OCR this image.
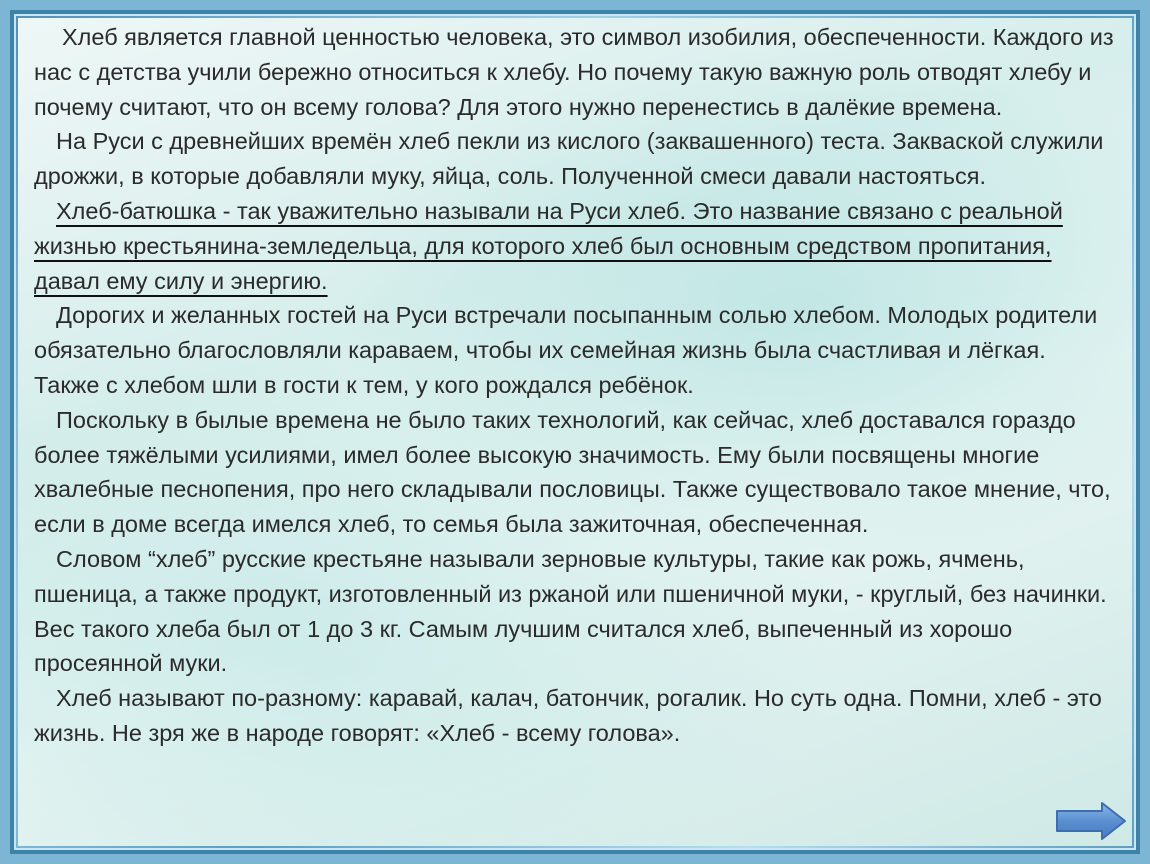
Хлеб является главной ценностью человека, это символ изобилия, обеспеченности. Каждого из нас с детства учили бережно относиться к хлебу. Но почему такую важную роль отводят хлебу и почему считают, что он всему голова? Для этого нужно перенестись в далёкие времена.

На Руси с древнейших времён хлеб пекли из кислого (заквашенного) теста. Закваской служили дрожжи, в которые добавляли муку, яйца, соль. Полученной смеси давали настояться.

Хлеб-батюшка - так уважительно называли на Руси хлеб. Это название связано с реальной жизнью крестьянина-земледельца, для которого хлеб был основным средством пропитания, давал ему силу и энергию.

Дорогих и желанных гостей на Руси встречали посыпанным солью хлебом. Молодых родители обязательно благословляли караваем, чтобы их семейная жизнь была счастливая и лёгкая. Также с хлебом шли в гости к тем, у кого рождался ребёнок.

Поскольку в былые времена не было таких технологий, как сейчас, хлеб доставался гораздо более тяжёлыми усилиями, имел более высокую значимость. Ему были посвящены многие хвалебные песнопения, про него складывали пословицы. Также существовало такое мнение, что, если в доме всегда имелся хлеб, то семья была зажиточная, обеспеченная.

Словом “хлеб” русские крестьяне называли зерновые культуры, такие как рожь, ячмень, пшеница, а также продукт, изготовленный из ржаной или пшеничной муки, - круглый, без начинки. Вес такого хлеба был от 1 до 3 кг. Самым лучшим считался хлеб, выпеченный из хорошо просеянной муки.

Хлеб называют по-разному: каравай, калач, батончик, рогалик. Но суть одна. Помни, хлеб - это жизнь. Не зря же в народе говорят: «Хлеб - всему голова».
